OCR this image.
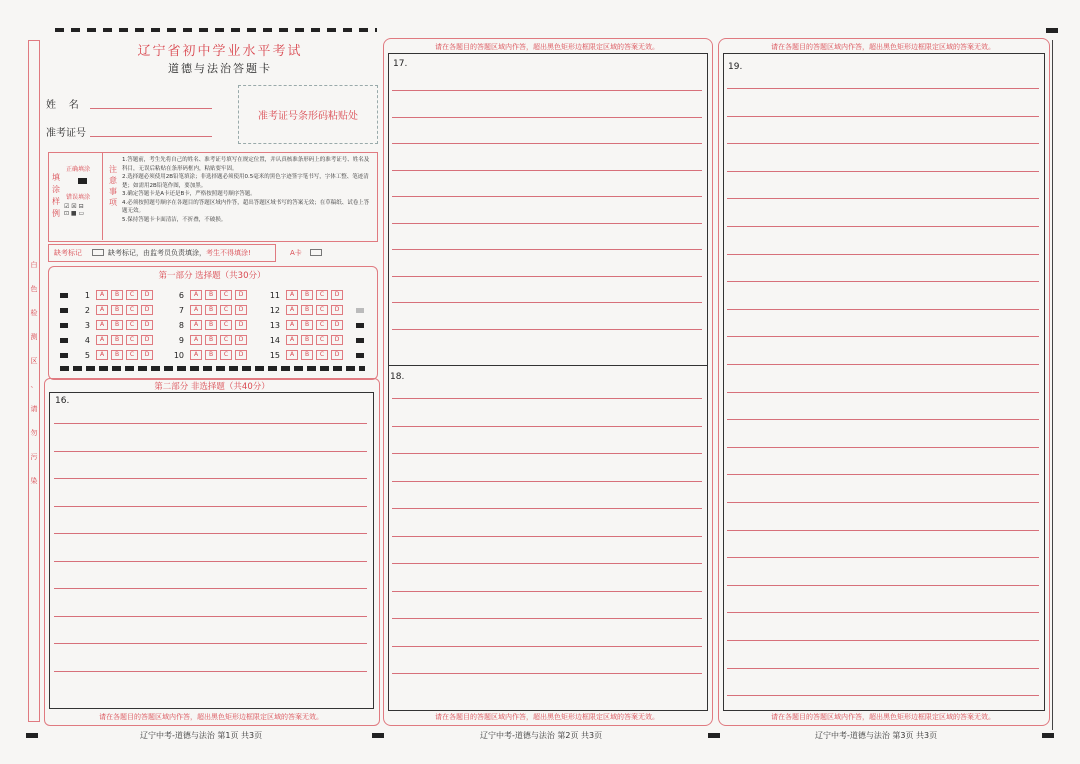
白
色
检
测
区
、
请
勿
污
染
辽宁省初中学业水平考试
道德与法治答题卡
姓    名
准考证号
准考证号条形码粘贴处
填涂样例
正确填涂
错误填涂
☑ ☒ ⊟
⊡ ■ ▭
注意事项
1.答题前，考生先将自己的姓名、准考证号填写在规定位置，并认真核准条形码上的准考证号、姓名及科目，无误后粘贴在条形码框内，粘贴要牢固。
2.选择题必须使用2B铅笔填涂；非选择题必须使用0.5毫米的黑色字迹签字笔书写，字体工整、笔迹清楚；如需用2B铅笔作图，要加黑。
3.确定答题卡是A卡还是B卡，严格按照题号顺序答题。
4.必须按照题号顺序在各题目的答题区域内作答，超出答题区域书写的答案无效；在草稿纸、试卷上答题无效。
5.保持答题卡卡面清洁，不折叠，不破损。
缺考标记	缺考标记，由监考员负责填涂，考生不得填涂!	A卡
第一部分 选择题（共30分）
1	A	B	C	D
2	A	B	C	D
3	A	B	C	D
4	A	B	C	D
5	A	B	C	D
6	A	B	C	D
7	A	B	C	D
8	A	B	C	D
9	A	B	C	D
10	A	B	C	D
11	A	B	C	D
12	A	B	C	D
13	A	B	C	D
14	A	B	C	D
15	A	B	C	D
第二部分 非选择题（共40分）
16.
请在各题目的答题区域内作答，超出黑色矩形边框限定区域的答案无效。
辽宁中考-道德与法治 第1页 共3页
请在各题目的答题区域内作答，超出黑色矩形边框限定区域的答案无效。
17.
18.
请在各题目的答题区域内作答，超出黑色矩形边框限定区域的答案无效。
辽宁中考-道德与法治 第2页 共3页
请在各题目的答题区域内作答，超出黑色矩形边框限定区域的答案无效。
19.
请在各题目的答题区域内作答，超出黑色矩形边框限定区域的答案无效。
辽宁中考-道德与法治 第3页 共3页
